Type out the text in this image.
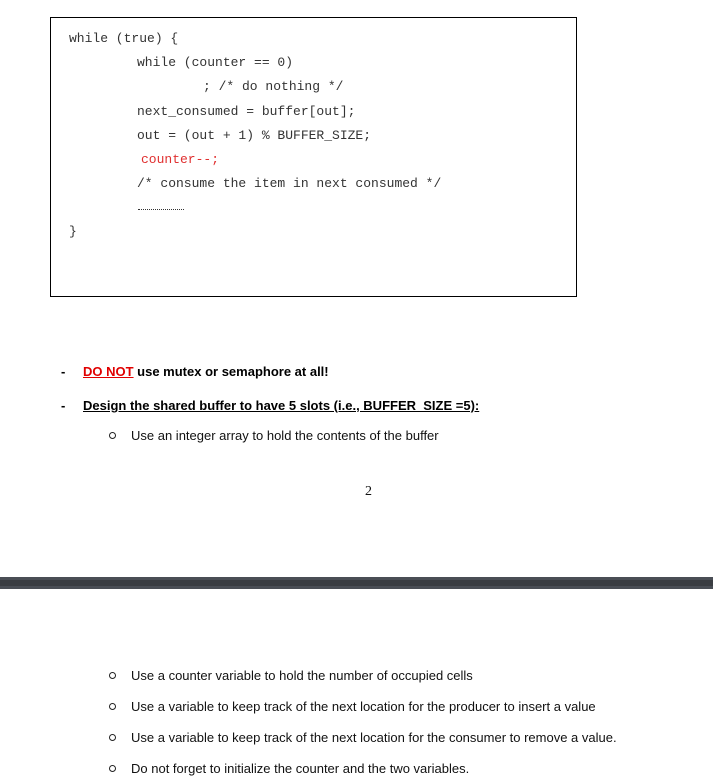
while (true) {
while (counter == 0)
; /* do nothing */
next_consumed = buffer[out];
out = (out + 1) % BUFFER_SIZE;
counter--;
/* consume the item in next consumed */
}
- DO NOT use mutex or semaphore at all!
- Design the shared buffer to have 5 slots (i.e., BUFFER_SIZE =5):
Use an integer array to hold the contents of the buffer
2
Use a counter variable to hold the number of occupied cells
Use a variable to keep track of the next location for the producer to insert a value
Use a variable to keep track of the next location for the consumer to remove a value.
Do not forget to initialize the counter and the two variables.
